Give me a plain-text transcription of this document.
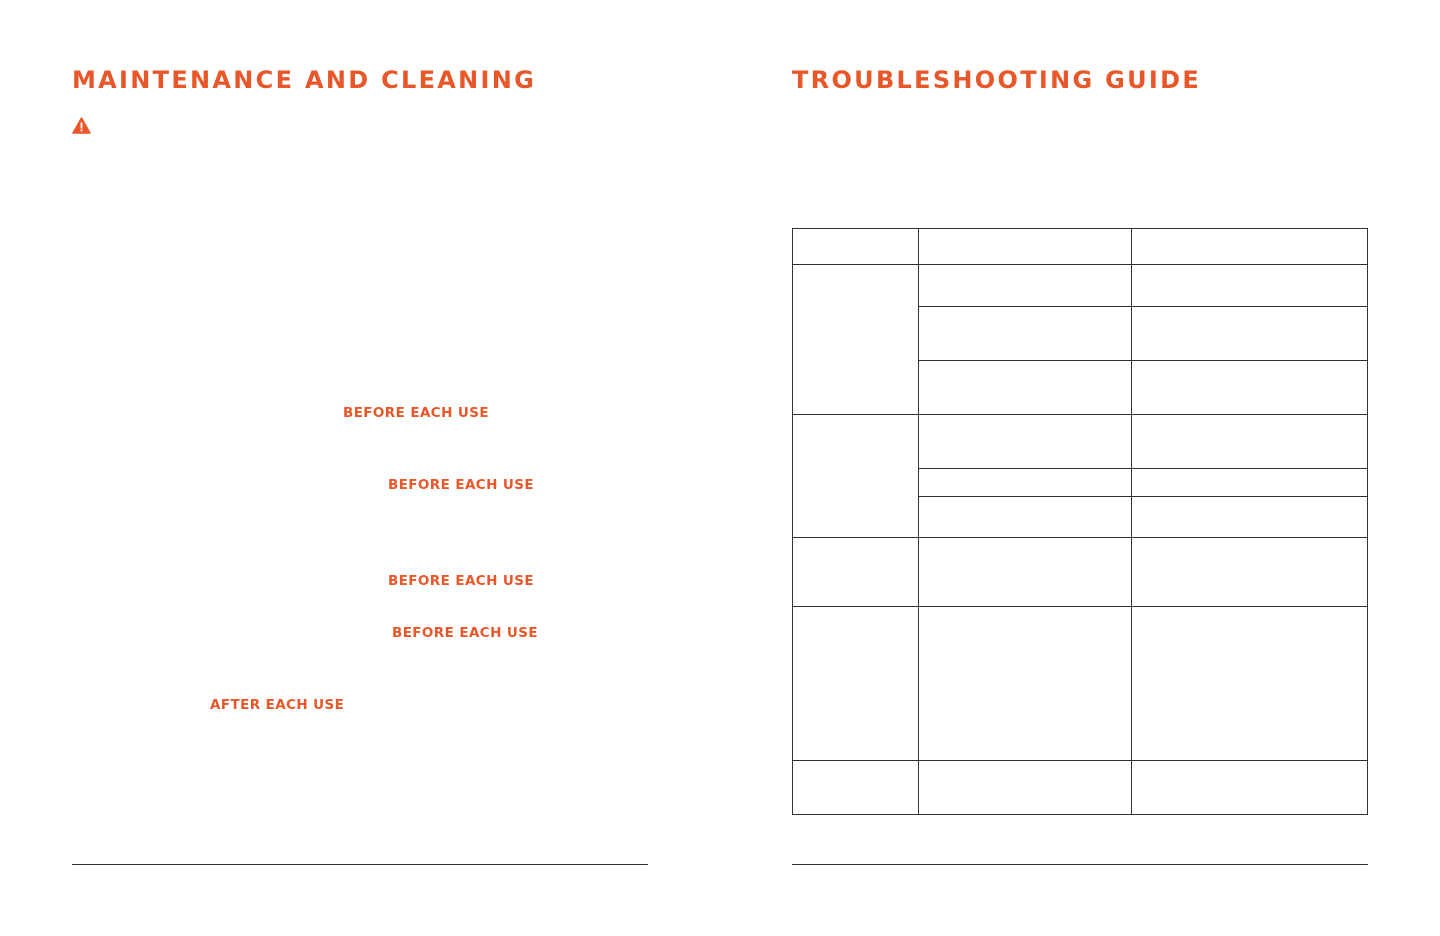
MAINTENANCE AND CLEANING
BEFORE EACH USE
BEFORE EACH USE
BEFORE EACH USE
BEFORE EACH USE
AFTER EACH USE
TROUBLESHOOTING GUIDE
